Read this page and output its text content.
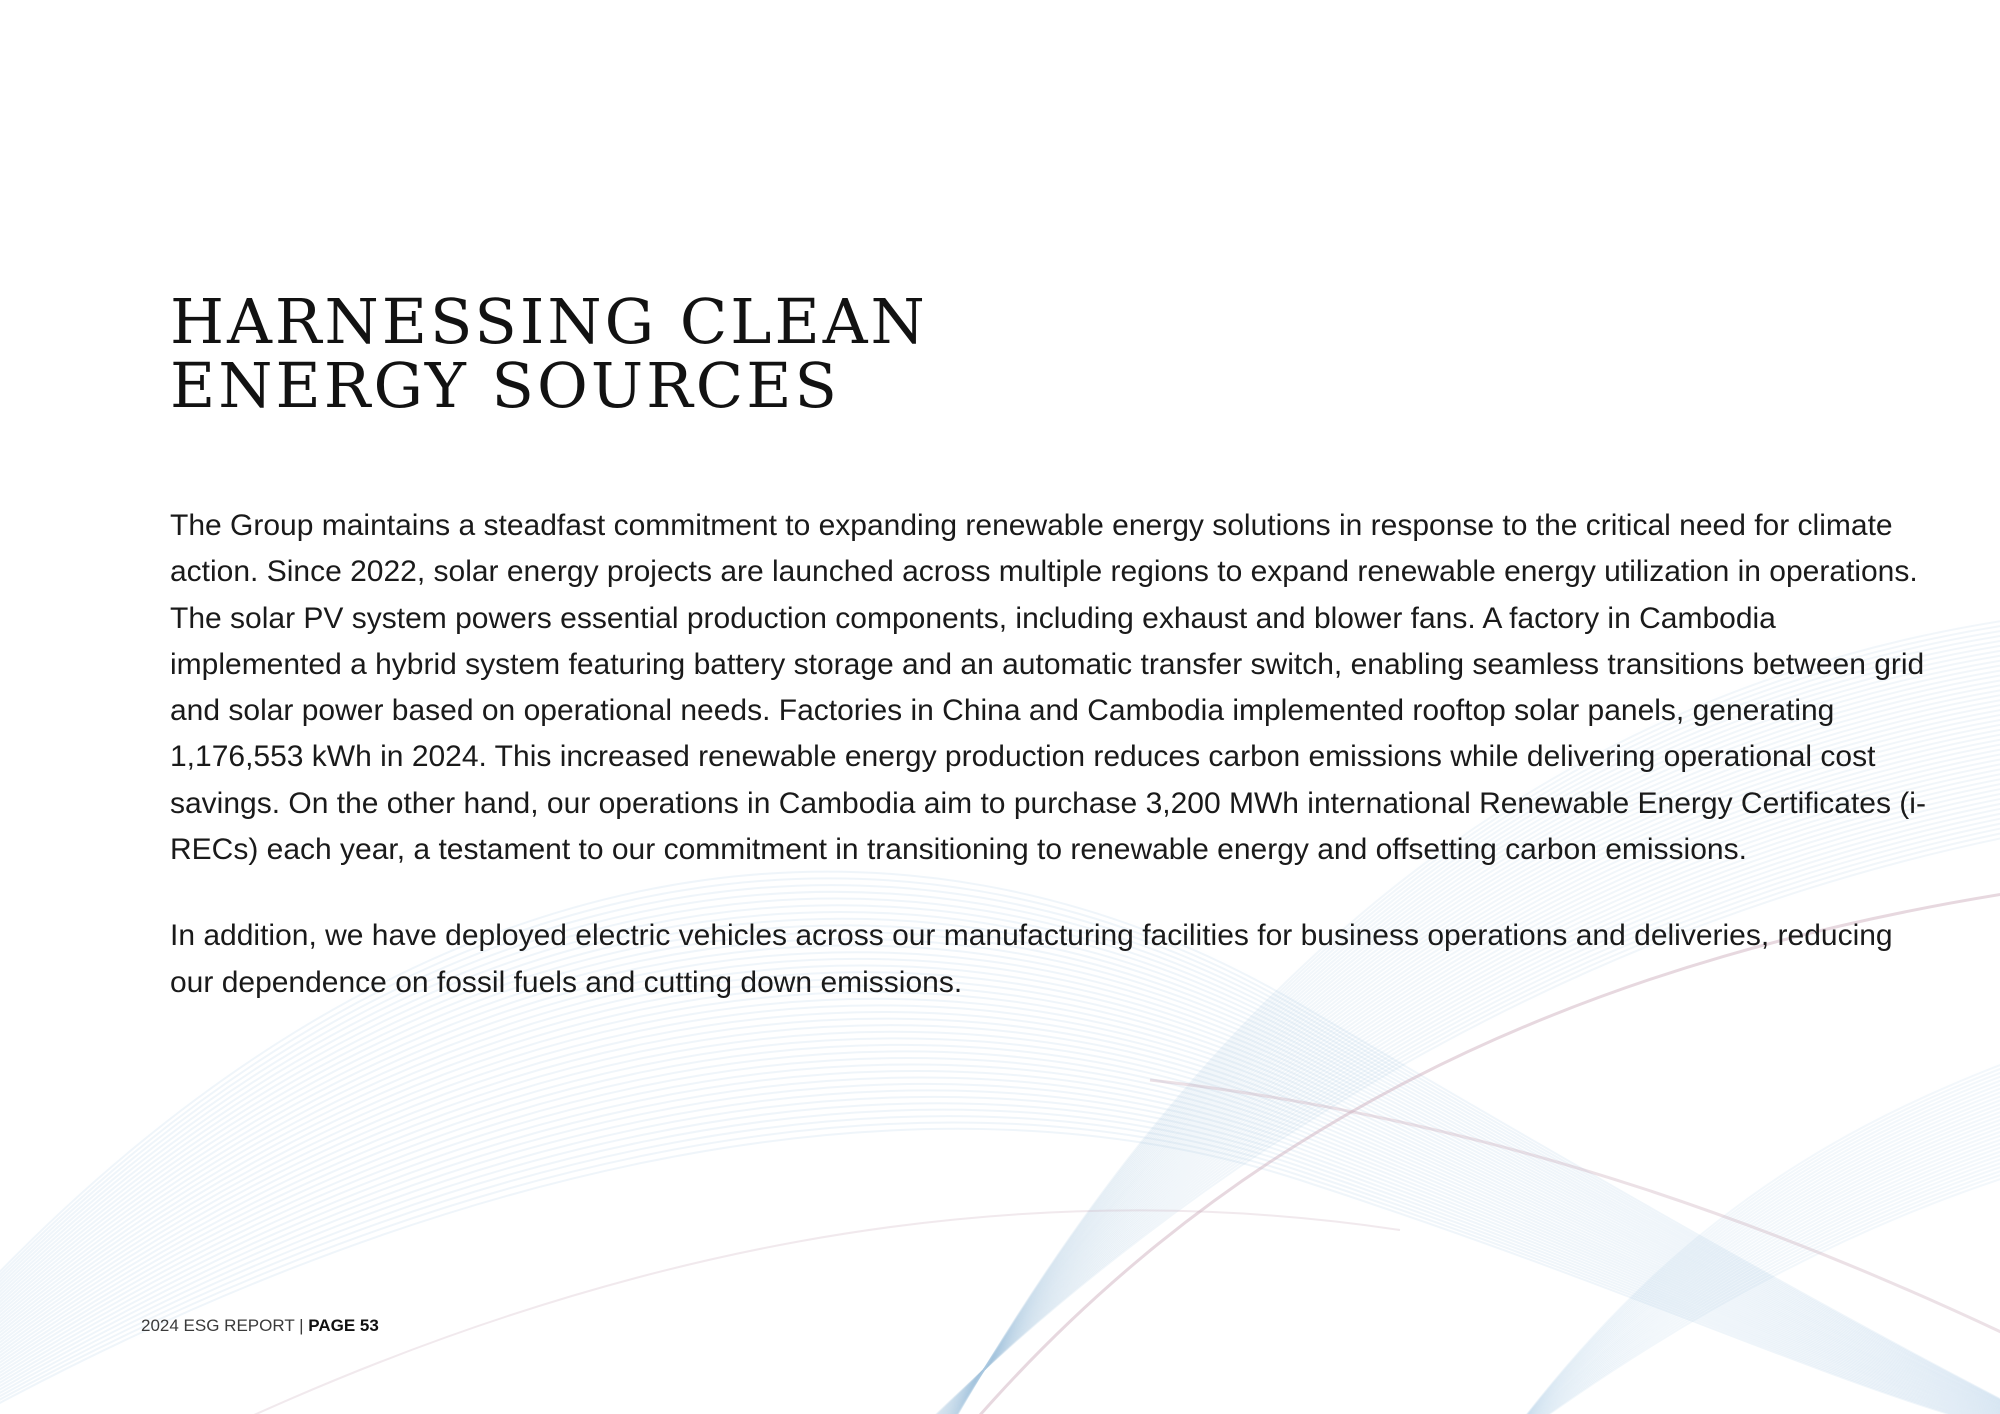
HARNESSING CLEAN
ENERGY SOURCES

The Group maintains a steadfast commitment to expanding renewable energy solutions in response to the critical need for climate action. Since 2022, solar energy projects are launched across multiple regions to expand renewable energy utilization in operations. The solar PV system powers essential production components, including exhaust and blower fans. A factory in Cambodia implemented a hybrid system featuring battery storage and an automatic transfer switch, enabling seamless transitions between grid and solar power based on operational needs. Factories in China and Cambodia implemented rooftop solar panels, generating 1,176,553 kWh in 2024. This increased renewable energy production reduces carbon emissions while delivering operational cost savings. On the other hand, our operations in Cambodia aim to purchase 3,200 MWh international Renewable Energy Certificates (i-RECs) each year, a testament to our commitment in transitioning to renewable energy and offsetting carbon emissions.

In addition, we have deployed electric vehicles across our manufacturing facilities for business operations and deliveries, reducing our dependence on fossil fuels and cutting down emissions.

2024 ESG REPORT | PAGE 53
